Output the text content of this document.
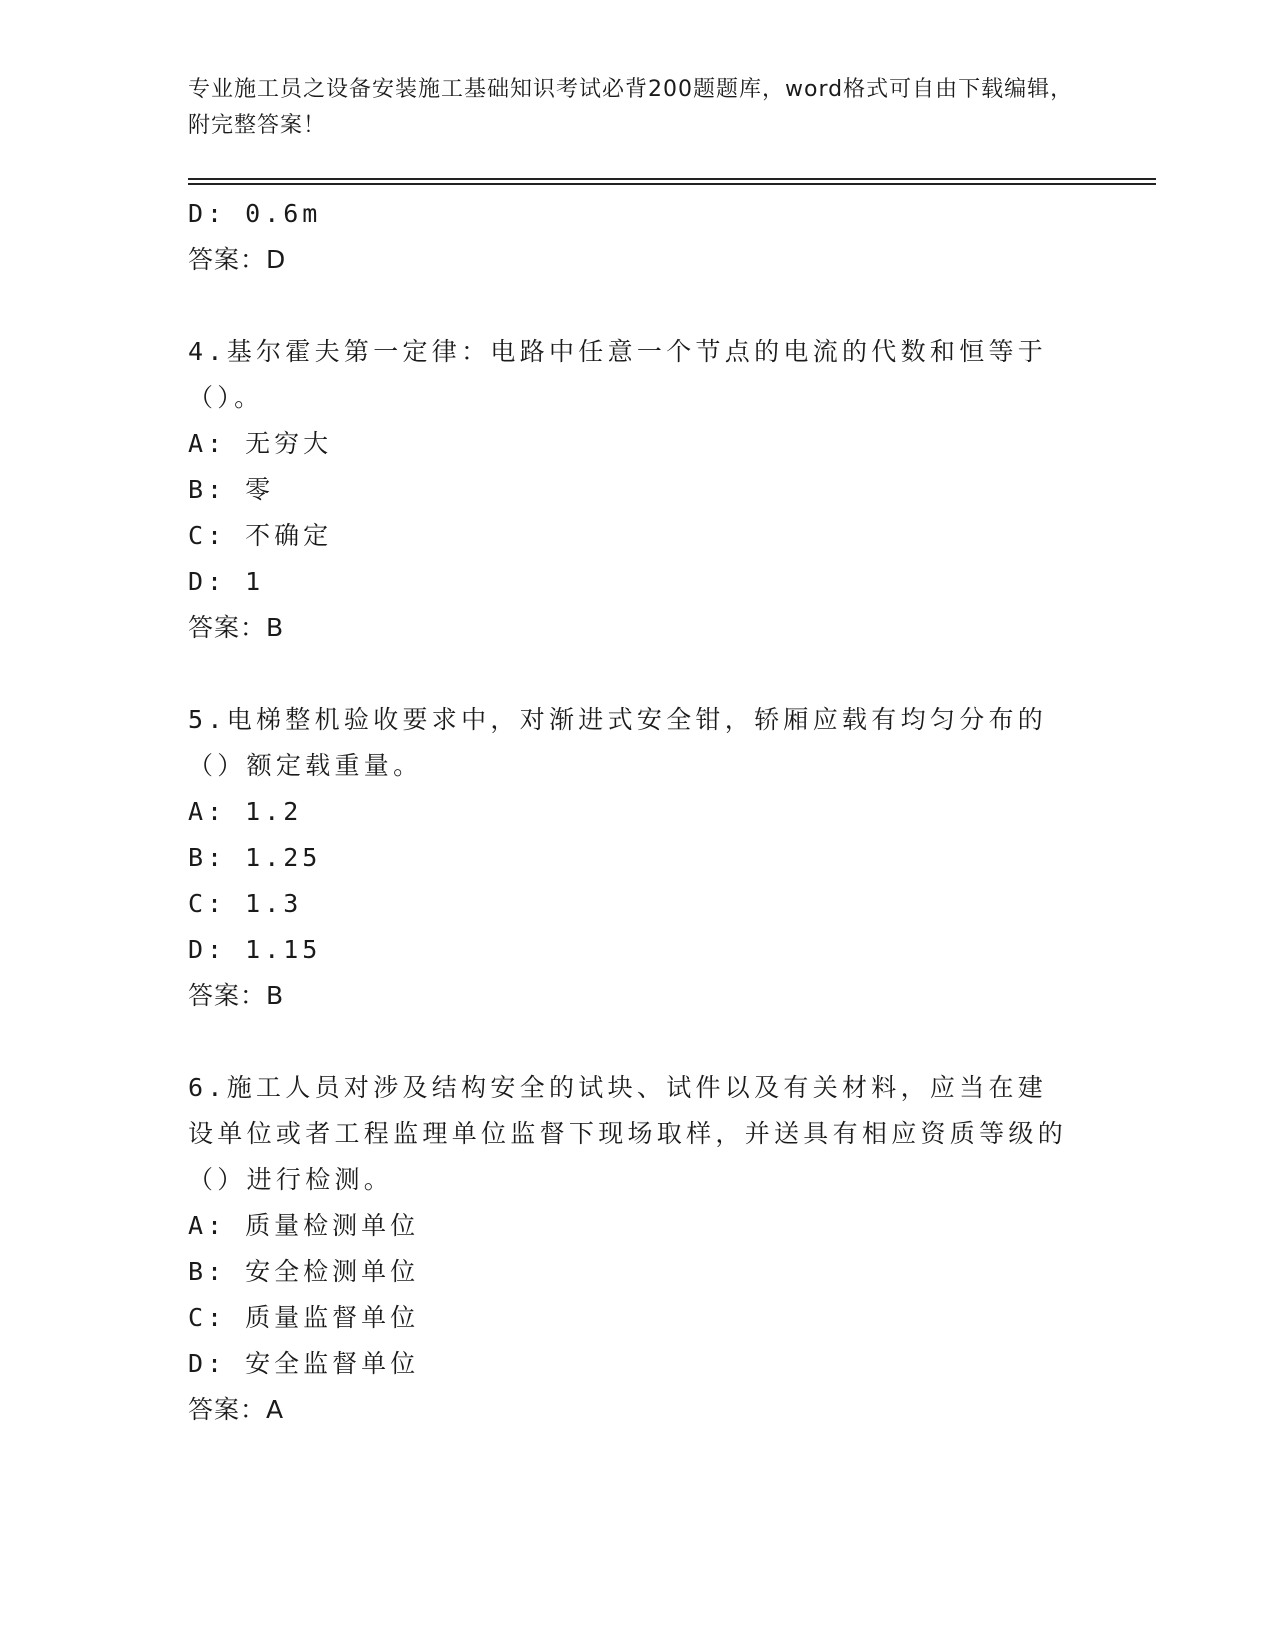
专业施工员之设备安装施工基础知识考试必背200题题库，word格式可自由下载编辑，附完整答案！
D: 0.6m
答案：D
4.基尔霍夫第一定律：电路中任意一个节点的电流的代数和恒等于（）。
A: 无穷大
B: 零
C: 不确定
D: 1
答案：B
5.电梯整机验收要求中，对渐进式安全钳，轿厢应载有均匀分布的（）额定载重量。
A: 1.2
B: 1.25
C: 1.3
D: 1.15
答案：B
6.施工人员对涉及结构安全的试块、试件以及有关材料，应当在建设单位或者工程监理单位监督下现场取样，并送具有相应资质等级的（）进行检测。
A: 质量检测单位
B: 安全检测单位
C: 质量监督单位
D: 安全监督单位
答案：A
